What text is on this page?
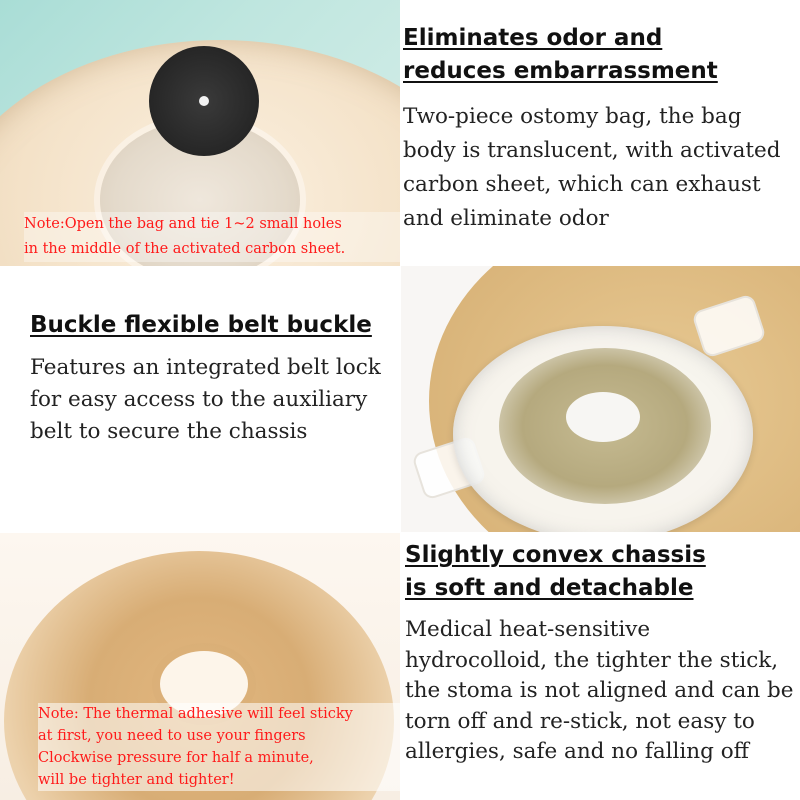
Note:Open the bag and tie 1~2 small holes
in the middle of the activated carbon sheet.
Eliminates odor and
reduces embarrassment
Two-piece ostomy bag, the bag body is translucent, with activated carbon sheet, which can exhaust and eliminate odor
Buckle flexible belt buckle
Features an integrated belt lock for easy access to the auxiliary belt to secure the chassis
Note: The thermal adhesive will feel sticky
at first, you need to use your fingers
Clockwise pressure for half a minute,
will be tighter and tighter!
Slightly convex chassis
is soft and detachable
Medical heat-sensitive hydrocolloid, the tighter the stick, the stoma is not aligned and can be torn off and re-stick, not easy to allergies, safe and no falling off
